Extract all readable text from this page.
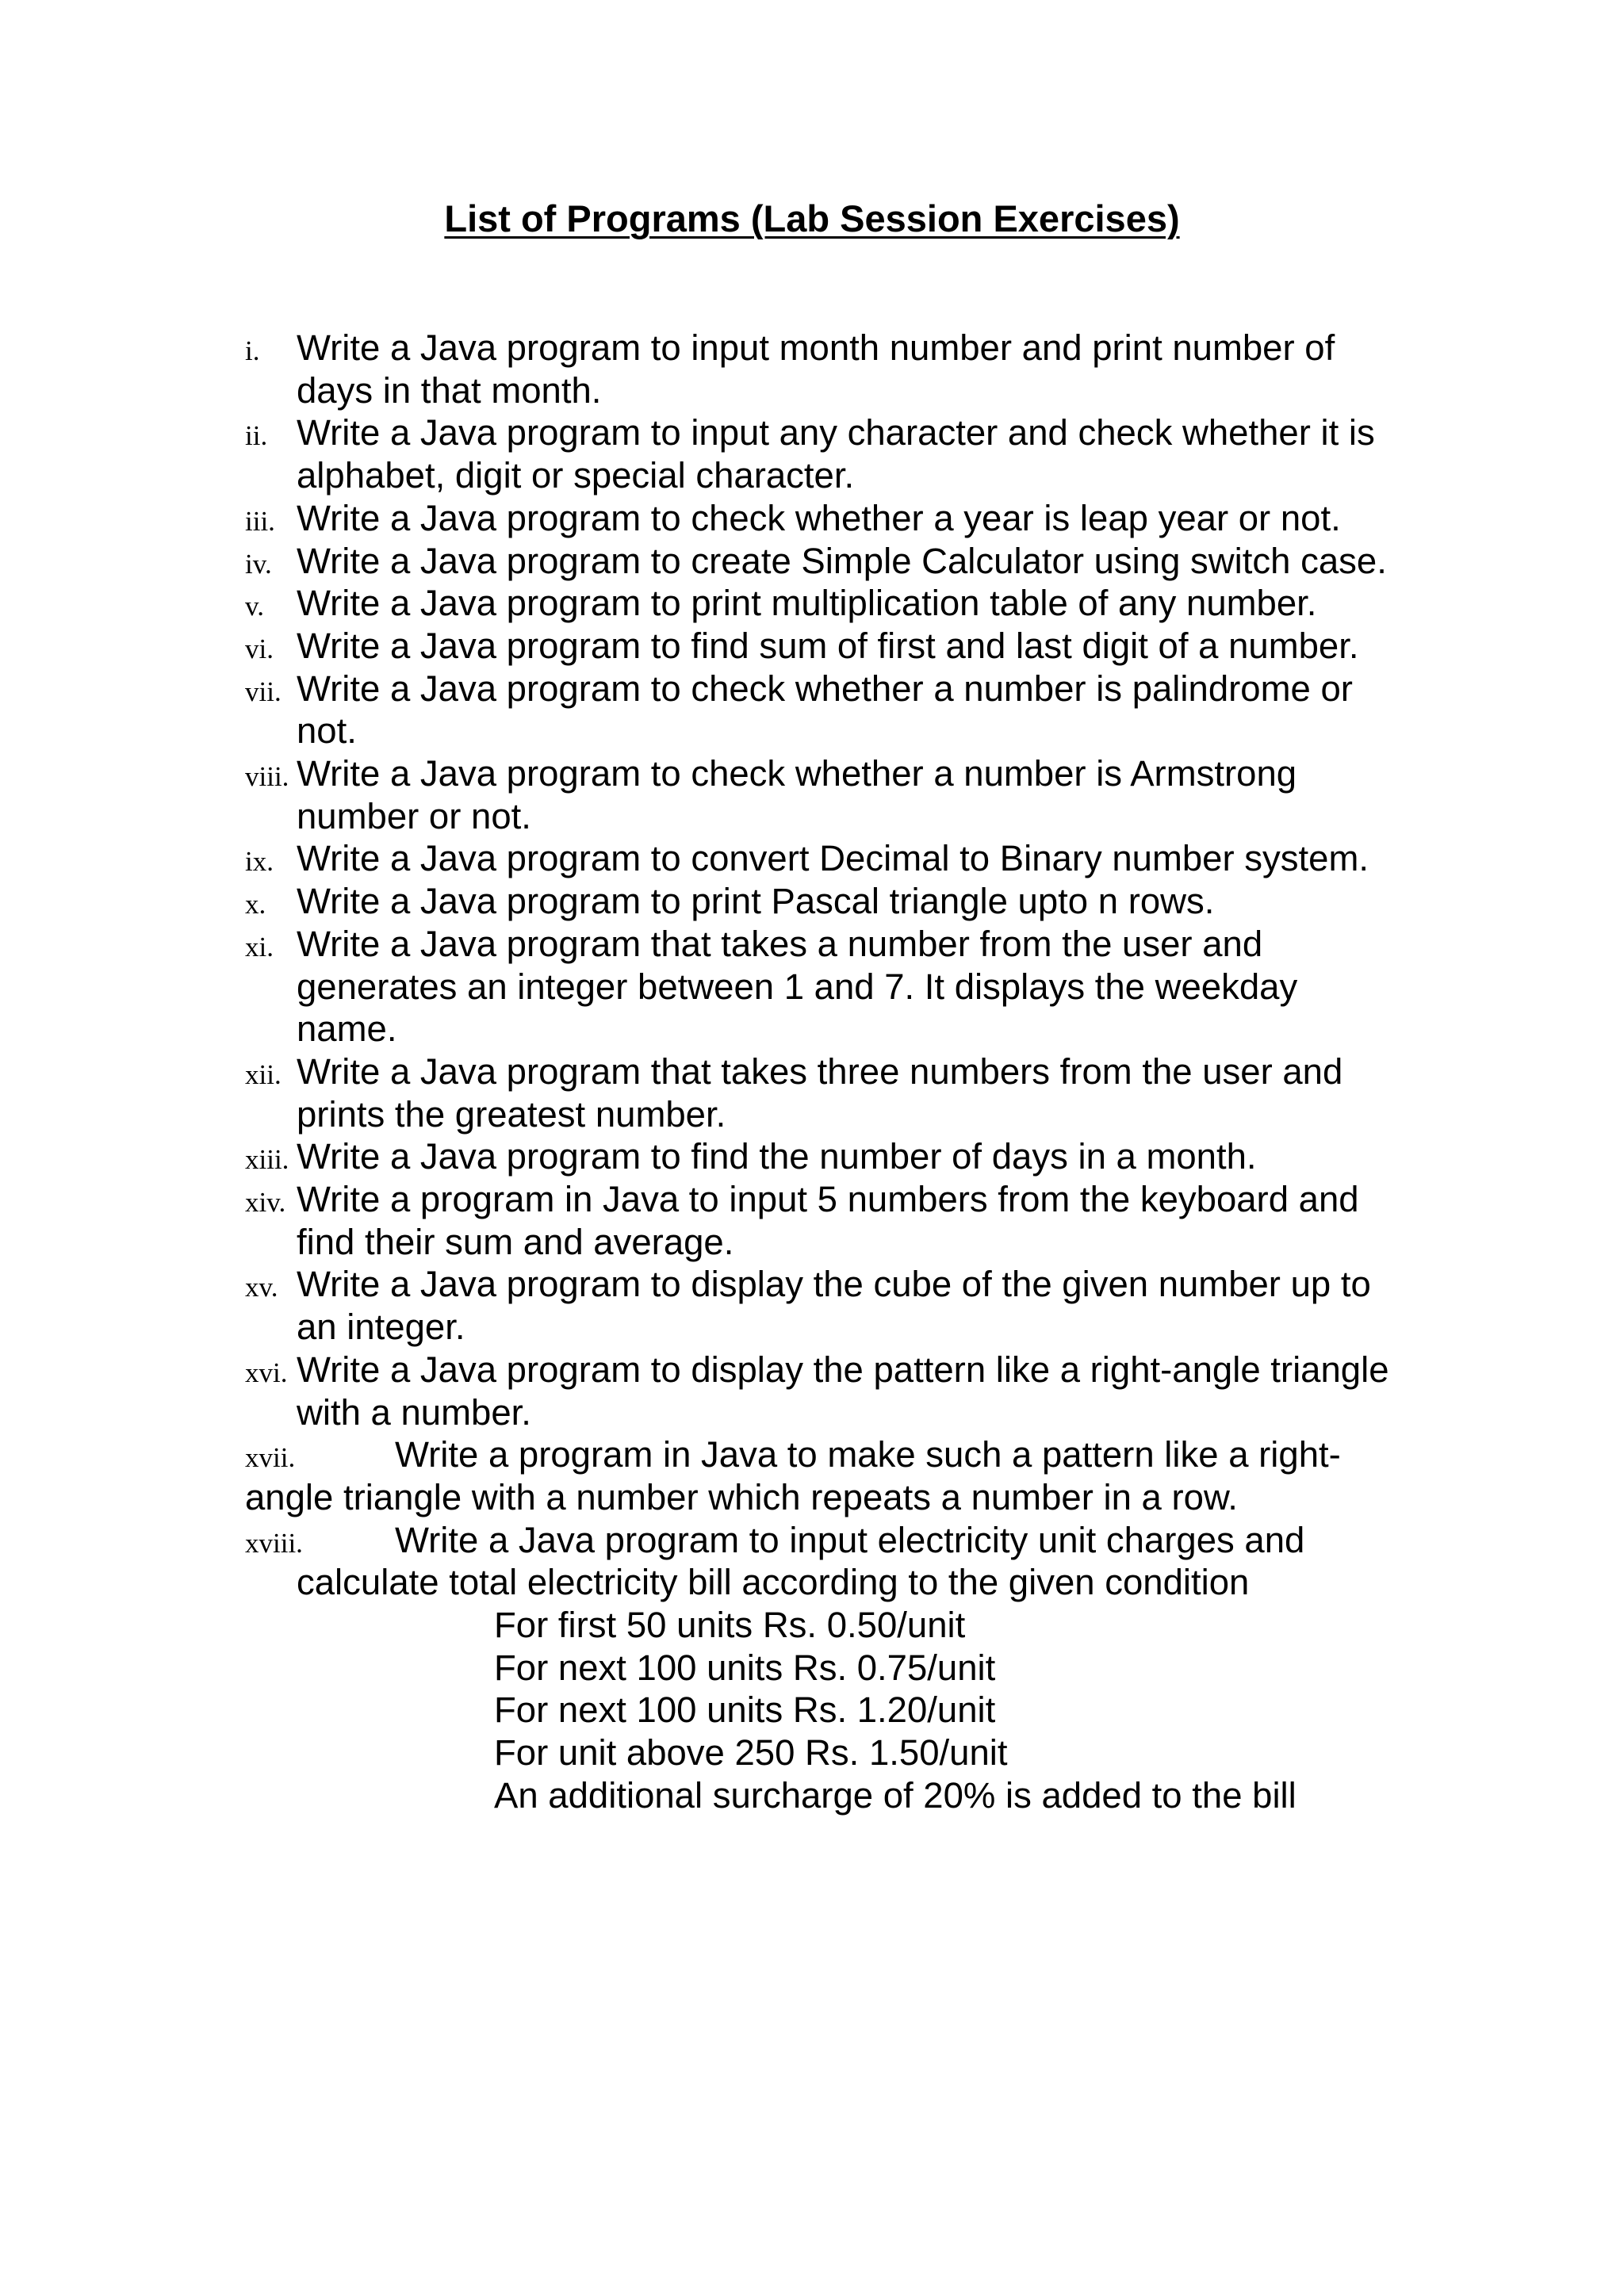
List of Programs (Lab Session Exercises)
i. Write a Java program to input month number and print number of
days in that month.
ii. Write a Java program to input any character and check whether it is
alphabet, digit or special character.
iii. Write a Java program to check whether a year is leap year or not.
iv. Write a Java program to create Simple Calculator using switch case.
v. Write a Java program to print multiplication table of any number.
vi. Write a Java program to find sum of first and last digit of a number.
vii. Write a Java program to check whether a number is palindrome or
not.
viii. Write a Java program to check whether a number is Armstrong
number or not.
ix. Write a Java program to convert Decimal to Binary number system.
x. Write a Java program to print Pascal triangle upto n rows.
xi. Write a Java program that takes a number from the user and
generates an integer between 1 and 7. It displays the weekday
name.
xii. Write a Java program that takes three numbers from the user and
prints the greatest number.
xiii. Write a Java program to find the number of days in a month.
xiv. Write a program in Java to input 5 numbers from the keyboard and
find their sum and average.
xv. Write a Java program to display the cube of the given number up to
an integer.
xvi. Write a Java program to display the pattern like a right-angle triangle
with a number.
xvii.	Write a program in Java to make such a pattern like a right-
angle triangle with a number which repeats a number in a row.
xviii.	Write a Java program to input electricity unit charges and
calculate total electricity bill according to the given condition
For first 50 units Rs. 0.50/unit
For next 100 units Rs. 0.75/unit
For next 100 units Rs. 1.20/unit
For unit above 250 Rs. 1.50/unit
An additional surcharge of 20% is added to the bill
